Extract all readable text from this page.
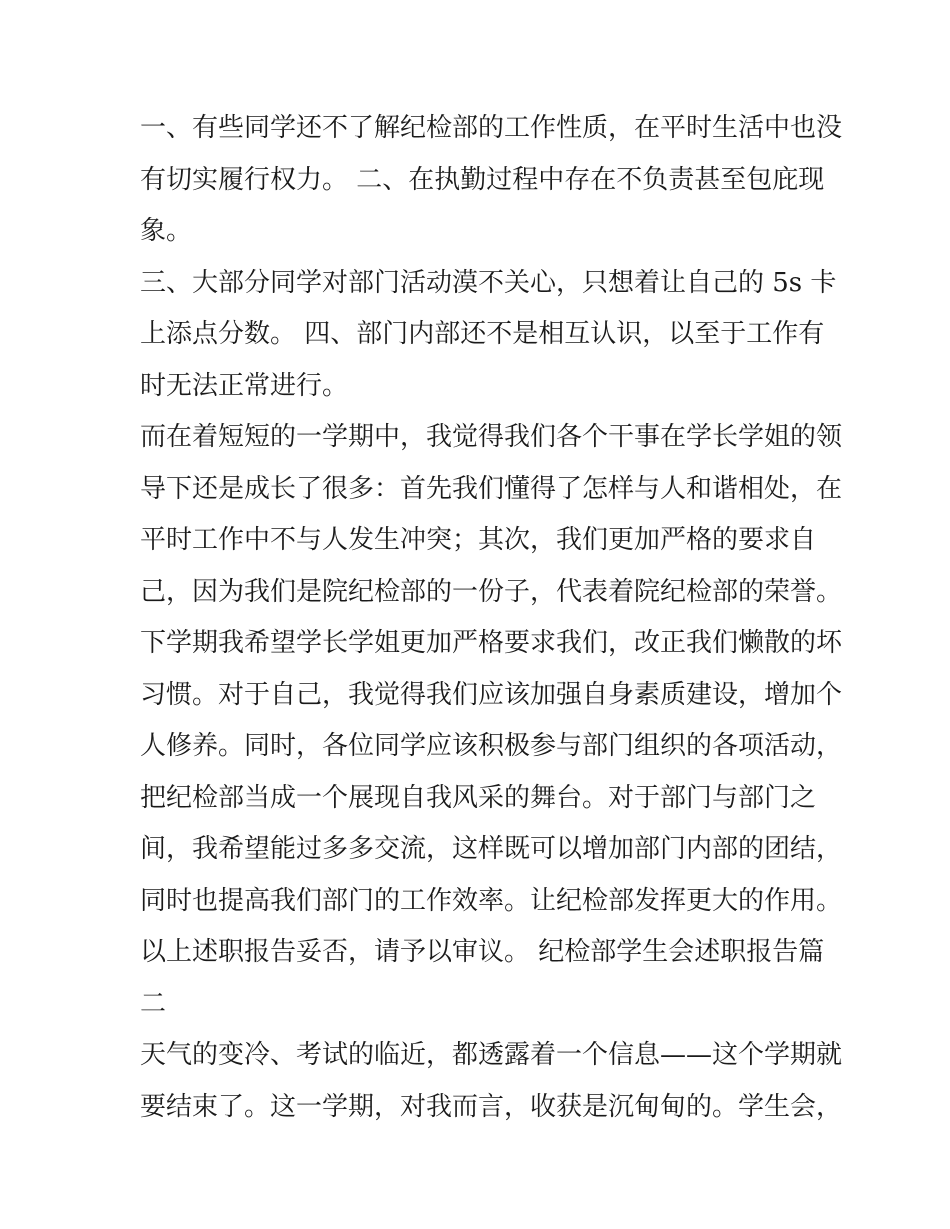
一、有些同学还不了解纪检部的工作性质，在平时生活中也没
有切实履行权力。 二、在执勤过程中存在不负责甚至包庇现
象。
三、大部分同学对部门活动漠不关心，只想着让自己的 5s 卡
上添点分数。 四、部门内部还不是相互认识，以至于工作有
时无法正常进行。
而在着短短的一学期中，我觉得我们各个干事在学长学姐的领
导下还是成长了很多：首先我们懂得了怎样与人和谐相处，在
平时工作中不与人发生冲突；其次，我们更加严格的要求自
己，因为我们是院纪检部的一份子，代表着院纪检部的荣誉。
下学期我希望学长学姐更加严格要求我们，改正我们懒散的坏
习惯。对于自己，我觉得我们应该加强自身素质建设，增加个
人修养。同时，各位同学应该积极参与部门组织的各项活动，
把纪检部当成一个展现自我风采的舞台。对于部门与部门之
间，我希望能过多多交流，这样既可以增加部门内部的团结，
同时也提高我们部门的工作效率。让纪检部发挥更大的作用。
以上述职报告妥否，请予以审议。 纪检部学生会述职报告篇
二
天气的变冷、考试的临近，都透露着一个信息——这个学期就
要结束了。这一学期，对我而言，收获是沉甸甸的。学生会，
